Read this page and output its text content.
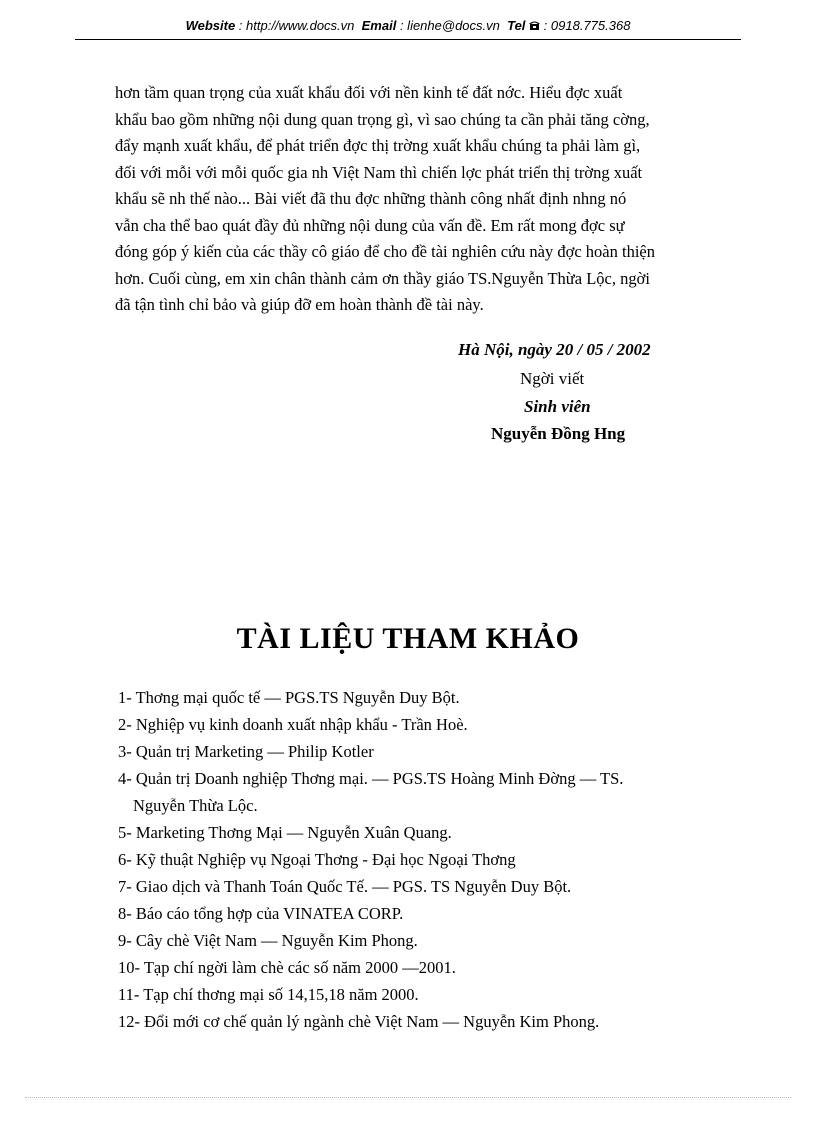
Website : http://www.docs.vn Email : lienhe@docs.vn Tel : 0918.775.368
hơn tầm quan trọng của xuất khẩu đối với nền kinh tế đất nớc. Hiểu đợc xuất
khẩu bao gồm những nội dung quan trọng gì, vì sao chúng ta cần phải tăng cờng,
đẩy mạnh xuất khẩu, để phát triển đợc thị trờng xuất khẩu chúng ta phải làm gì,
đối với mỗi với mỗi quốc gia nh Việt Nam thì chiến lợc phát triển thị trờng xuất
khẩu sẽ nh thế nào... Bài viết đã thu đợc những thành công nhất định nhng nó
vẫn cha thể bao quát đầy đủ những nội dung của vấn đề. Em rất mong đợc sự
đóng góp ý kiến của các thầy cô giáo để cho đề tài nghiên cứu này đợc hoàn thiện
hơn. Cuối cùng, em xin chân thành cảm ơn thầy giáo TS.Nguyễn Thừa Lộc, ngời
đã tận tình chỉ bảo và giúp đỡ em hoàn thành đề tài này.
Hà Nội, ngày 20 / 05 / 2002
Ngời viết
Sinh viên
Nguyễn Đồng Hng
TÀI LIỆU THAM KHẢO
1- Thơng mại quốc tế — PGS.TS Nguyễn Duy Bột.
2- Nghiệp vụ kinh doanh xuất nhập khẩu - Trần Hoè.
3- Quản trị Marketing — Philip Kotler
4- Quản trị Doanh nghiệp Thơng mại. — PGS.TS Hoàng Minh Đờng — TS.
Nguyễn Thừa Lộc.
5- Marketing Thơng Mại — Nguyễn Xuân Quang.
6- Kỹ thuật Nghiệp vụ Ngoại Thơng - Đại học Ngoại Thơng
7- Giao dịch và Thanh Toán Quốc Tế. — PGS. TS Nguyễn Duy Bột.
8- Báo cáo tổng hợp của VINATEA CORP.
9- Cây chè Việt Nam — Nguyễn Kim Phong.
10- Tạp chí ngời làm chè các số năm 2000 —2001.
11- Tạp chí thơng mại số 14,15,18 năm 2000.
12- Đổi mới cơ chế quản lý ngành chè Việt Nam — Nguyễn Kim Phong.
